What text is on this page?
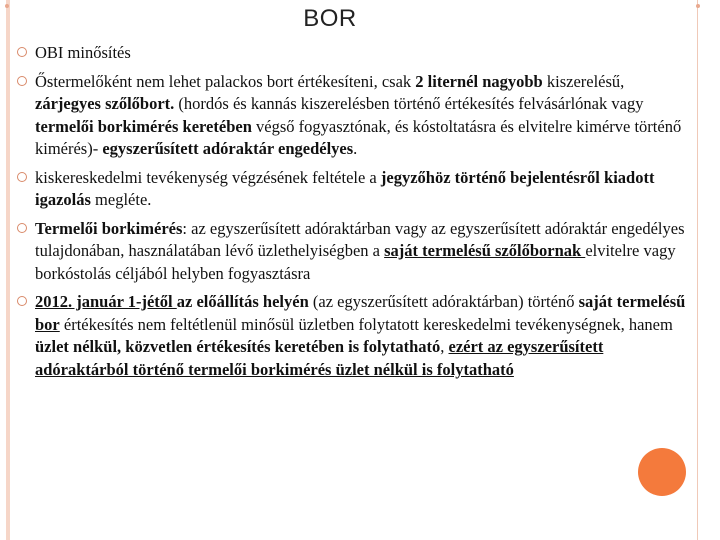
BOR
OBI minősítés
Őstermelőként nem lehet palackos bort értékesíteni, csak 2 liternél nagyobb kiszerelésű, zárjegyes szőlőbort. (hordós és kannás kiszerelésben történő értékesítés felvásárlónak vagy termelői borkimérés keretében végső fogyasztónak, és kóstoltatásra és elvitelre kimérve történő kimérés)- egyszerűsített adóraktár engedélyes.
kiskereskedelmi tevékenység végzésének feltétele a jegyzőhöz történő bejelentésről kiadott igazolás megléte.
Termelői borkimérés: az egyszerűsített adóraktárban vagy az egyszerűsített adóraktár engedélyes tulajdonában, használatában lévő üzlethelyiségben a saját termelésű szőlőbornak elvitelre vagy borkóstolás céljából helyben fogyasztásra
2012. január 1-jétől az előállítás helyén (az egyszerűsített adóraktárban) történő saját termelésű bor értékesítés nem feltétlenül minősül üzletben folytatott kereskedelmi tevékenységnek, hanem üzlet nélkül, közvetlen értékesítés keretében is folytatható, ezért az egyszerűsített adóraktárból történő termelői borkimérés üzlet nélkül is folytatható
